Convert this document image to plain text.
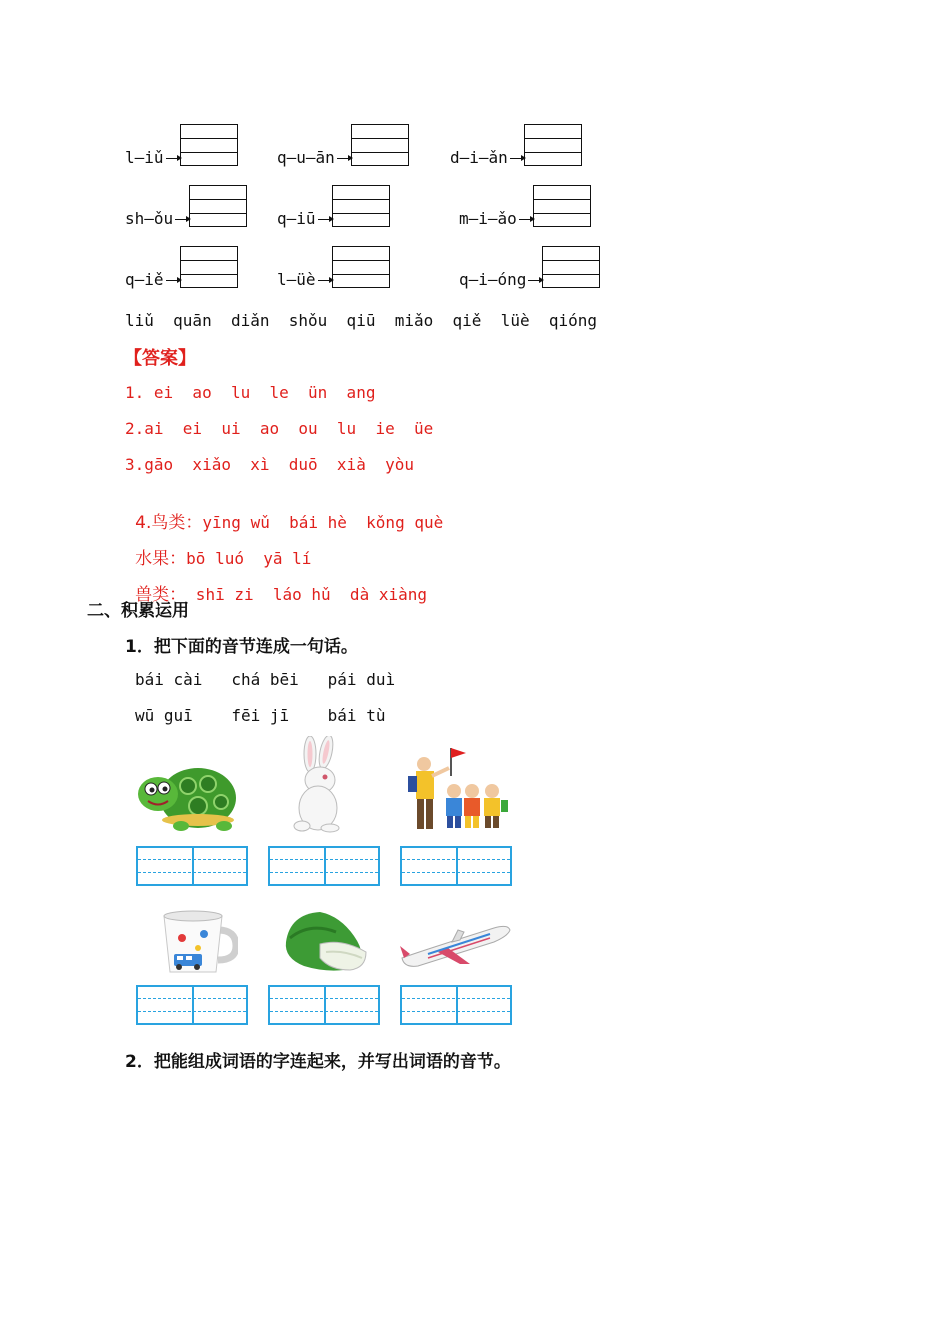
l—iǔ	q—u—ān	d—i—ǎn
sh—ǒu	q—iū	m—i—ǎo
q—iě	l—üè	q—i—óng
liǔ  quān  diǎn  shǒu  qiū  miǎo  qiě  lüè  qióng
【答案】
1. ei  ao  lu  le  ün  ang
2.ai  ei  ui  ao  ou  lu  ie  üe
3.gāo  xiǎo  xì  duō  xià  yòu

4.鸟类：yīng wǔ  bái hè  kǒng què

水果：bō luó  yā lí

兽类： shī zi  láo hǔ  dà xiàng

二、积累运用
1．把下面的音节连成一句话。
bái cài   chá bēi   pái duì
wū guī    fēi jī    bái tù
2．把能组成词语的字连起来，并写出词语的音节。
